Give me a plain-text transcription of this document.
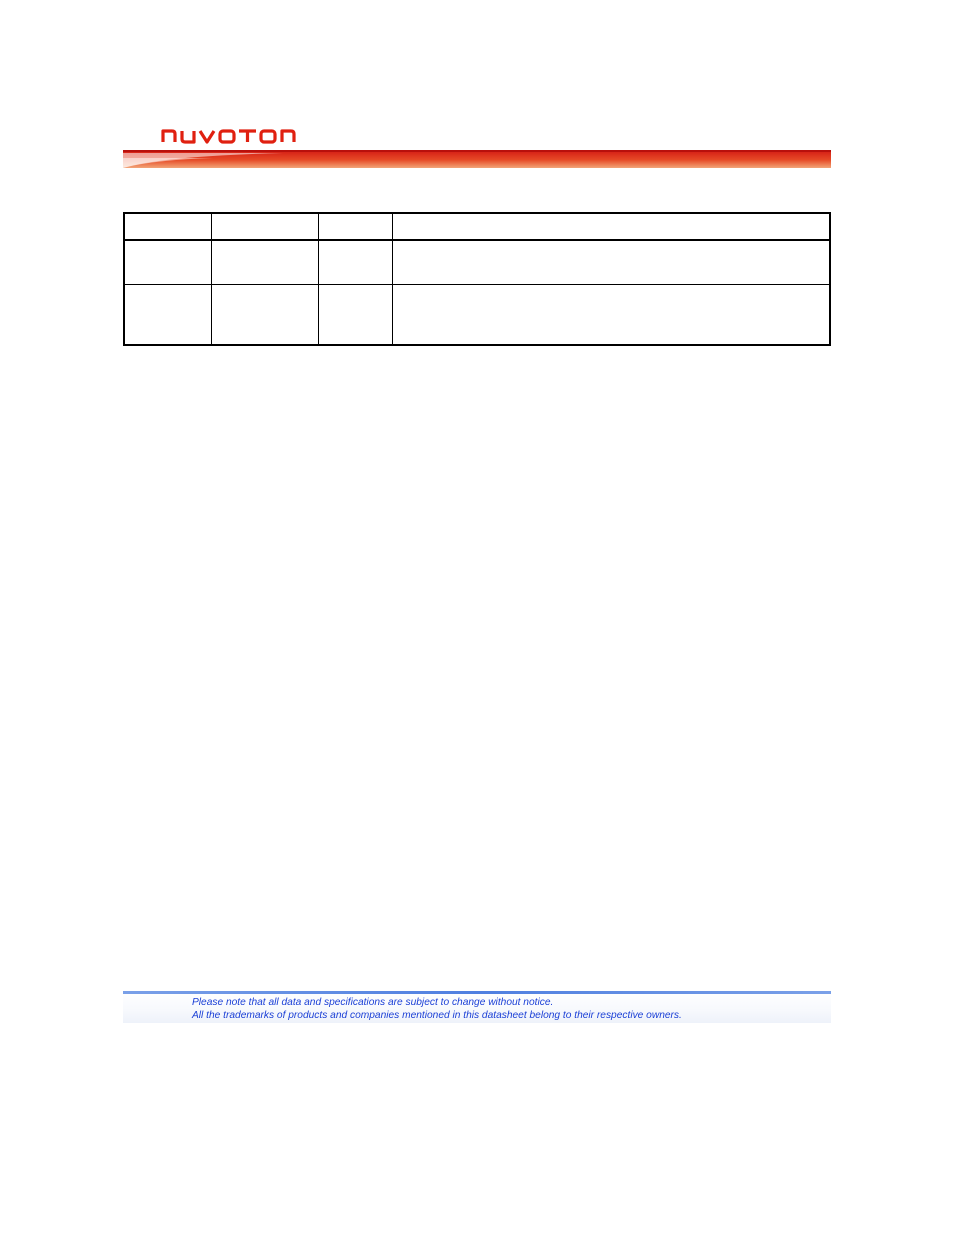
Please note that all data and specifications are subject to change without notice.
All the trademarks of products and companies mentioned in this datasheet belong to their respective owners.
